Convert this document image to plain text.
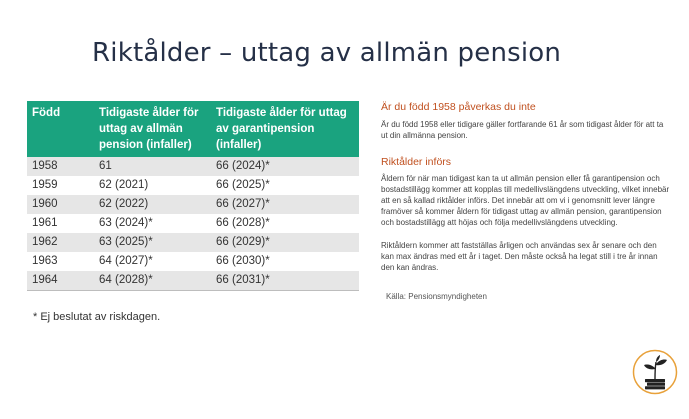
Riktålder – uttag av allmän pension
Född	Tidigaste ålder för uttag av allmän pension (infaller)	Tidigaste ålder för uttag av garantipension (infaller)
1958	61	66 (2024)*
1959	62 (2021)	66 (2025)*
1960	62 (2022)	66 (2027)*
1961	63 (2024)*	66 (2028)*
1962	63 (2025)*	66 (2029)*
1963	64 (2027)*	66 (2030)*
1964	64 (2028)*	66 (2031)*
* Ej beslutat av riskdagen.
Är du född 1958 påverkas du inte
Är du född 1958 eller tidigare gäller fortfarande 61 år som tidigast ålder för att ta ut din allmänna pension.
Riktålder införs
Åldern för när man tidigast kan ta ut allmän pension eller få garantipension och bostadstillägg kommer att kopplas till medellivslängdens utveckling, vilket innebär att en så kallad riktålder införs. Det innebär att om vi i genomsnitt lever längre framöver så kommer åldern för tidigast uttag av allmän pension, garantipension och bostadstillägg att höjas och följa medellivslängdens utveckling.
Riktåldern kommer att fastställas årligen och användas sex år senare och den kan max ändras med ett år i taget. Den måste också ha legat still i tre år innan den kan ändras.
Källa: Pensionsmyndigheten
